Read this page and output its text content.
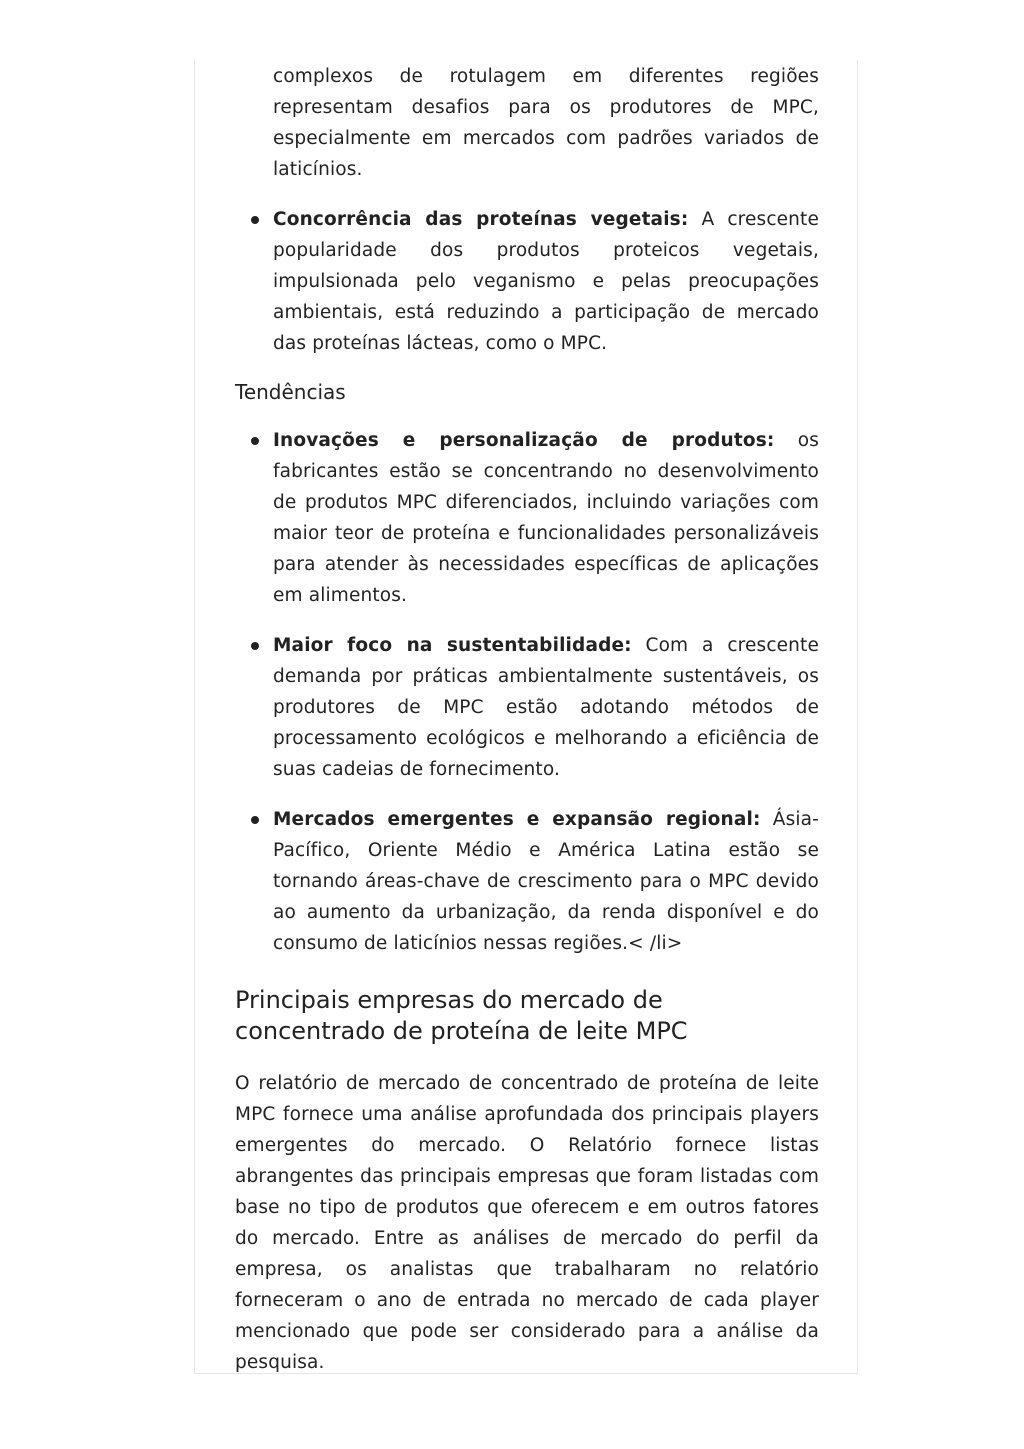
complexos de rotulagem em diferentes regiões representam desafios para os produtores de MPC, especialmente em mercados com padrões variados de laticínios.
Concorrência das proteínas vegetais: A crescente popularidade dos produtos proteicos vegetais, impulsionada pelo veganismo e pelas preocupações ambientais, está reduzindo a participação de mercado das proteínas lácteas, como o MPC.
Tendências
Inovações e personalização de produtos: os fabricantes estão se concentrando no desenvolvimento de produtos MPC diferenciados, incluindo variações com maior teor de proteína e funcionalidades personalizáveis para atender às necessidades específicas de aplicações em alimentos.
Maior foco na sustentabilidade: Com a crescente demanda por práticas ambientalmente sustentáveis, os produtores de MPC estão adotando métodos de processamento ecológicos e melhorando a eficiência de suas cadeias de fornecimento.
Mercados emergentes e expansão regional: Ásia-Pacífico, Oriente Médio e América Latina estão se tornando áreas-chave de crescimento para o MPC devido ao aumento da urbanização, da renda disponível e do consumo de laticínios nessas regiões.< /li>
Principais empresas do mercado de concentrado de proteína de leite MPC

O relatório de mercado de concentrado de proteína de leite MPC fornece uma análise aprofundada dos principais players emergentes do mercado. O Relatório fornece listas abrangentes das principais empresas que foram listadas com base no tipo de produtos que oferecem e em outros fatores do mercado. Entre as análises de mercado do perfil da empresa, os analistas que trabalharam no relatório forneceram o ano de entrada no mercado de cada player mencionado que pode ser considerado para a análise da pesquisa.
